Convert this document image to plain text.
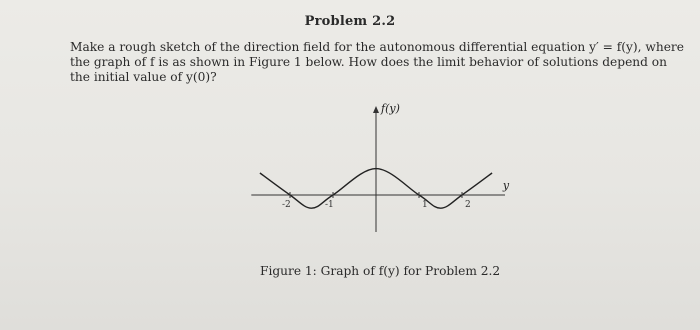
Problem 2.2
Make a rough sketch of the direction field for the autonomous differential equation y′ = f(y), where
the graph of f is as shown in Figure 1 below. How does the limit behavior of solutions depend on
the initial value of y(0)?
-2	-1	1	2
f(y)
y
Figure 1: Graph of f(y) for Problem 2.2
